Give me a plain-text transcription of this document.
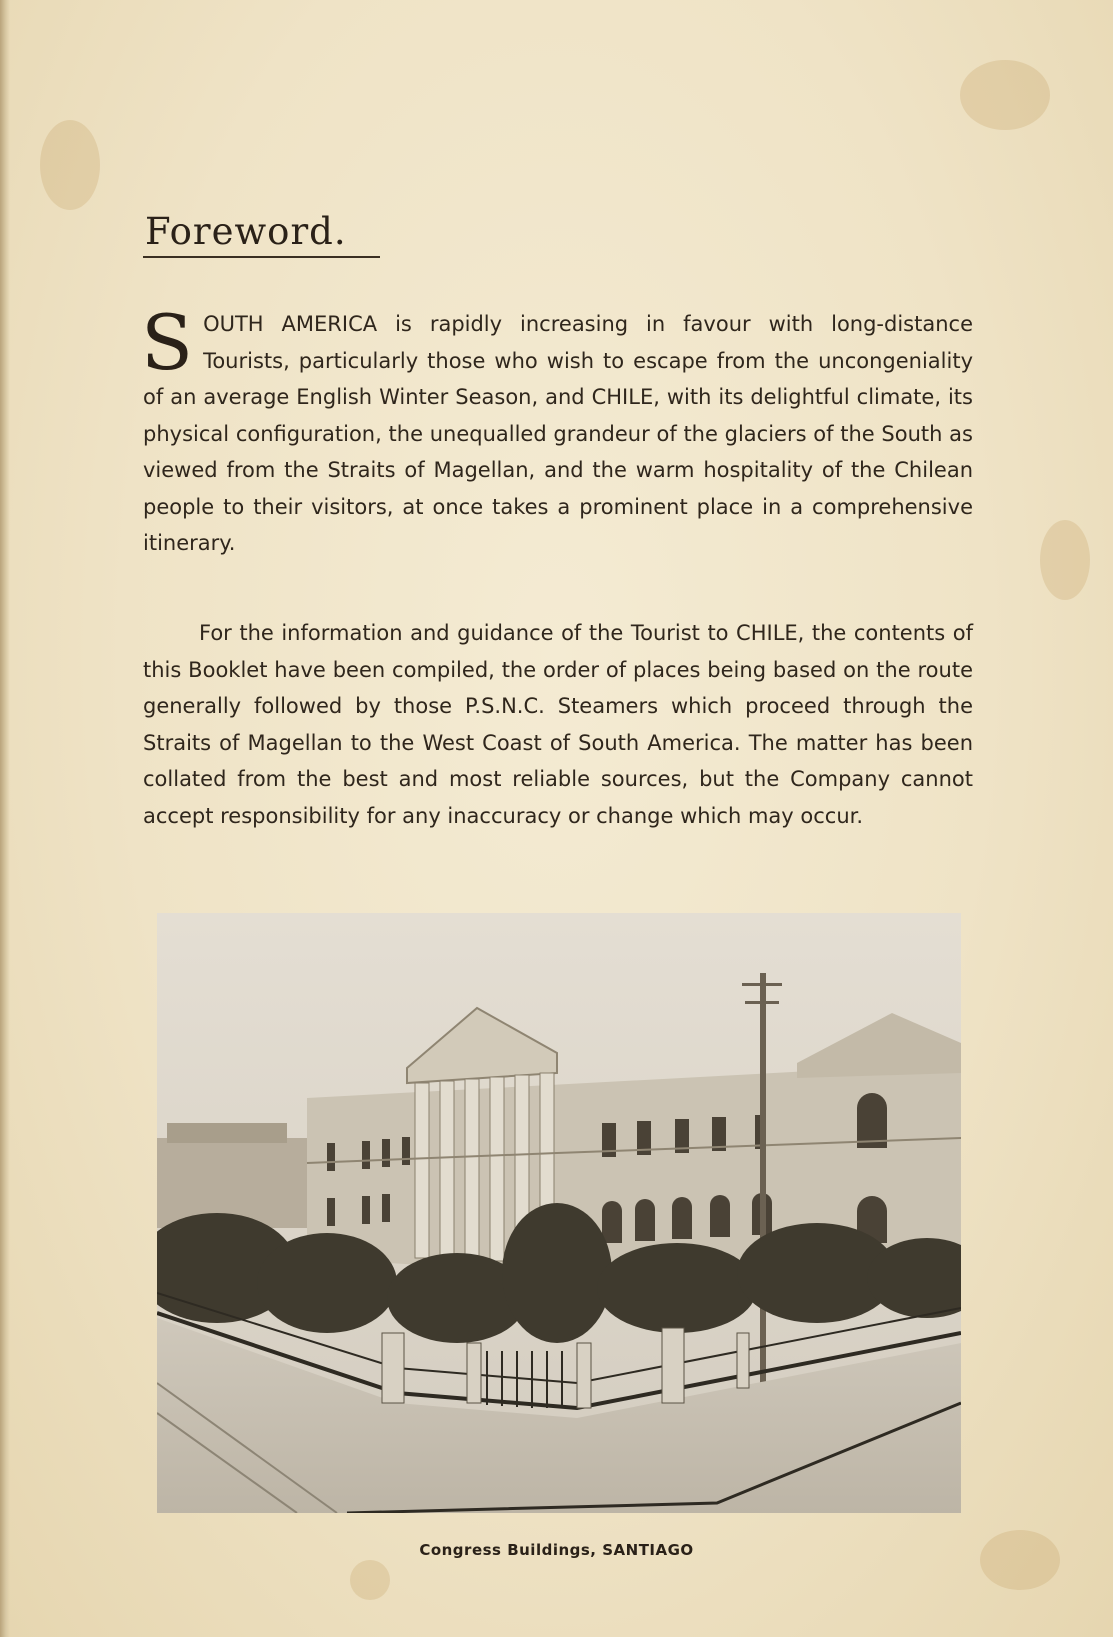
Foreword.

SOUTH AMERICA is rapidly increasing in favour with long-distance Tourists, particularly those who wish to escape from the uncongeniality of an average English Winter Season, and CHILE, with its delightful climate, its physical configuration, the unequalled grandeur of the glaciers of the South as viewed from the Straits of Magellan, and the warm hospitality of the Chilean people to their visitors, at once takes a prominent place in a comprehensive itinerary.

For the information and guidance of the Tourist to CHILE, the contents of this Booklet have been compiled, the order of places being based on the route generally followed by those P.S.N.C. Steamers which proceed through the Straits of Magellan to the West Coast of South America. The matter has been collated from the best and most reliable sources, but the Company cannot accept responsibility for any inaccuracy or change which may occur.

Congress Buildings, SANTIAGO
